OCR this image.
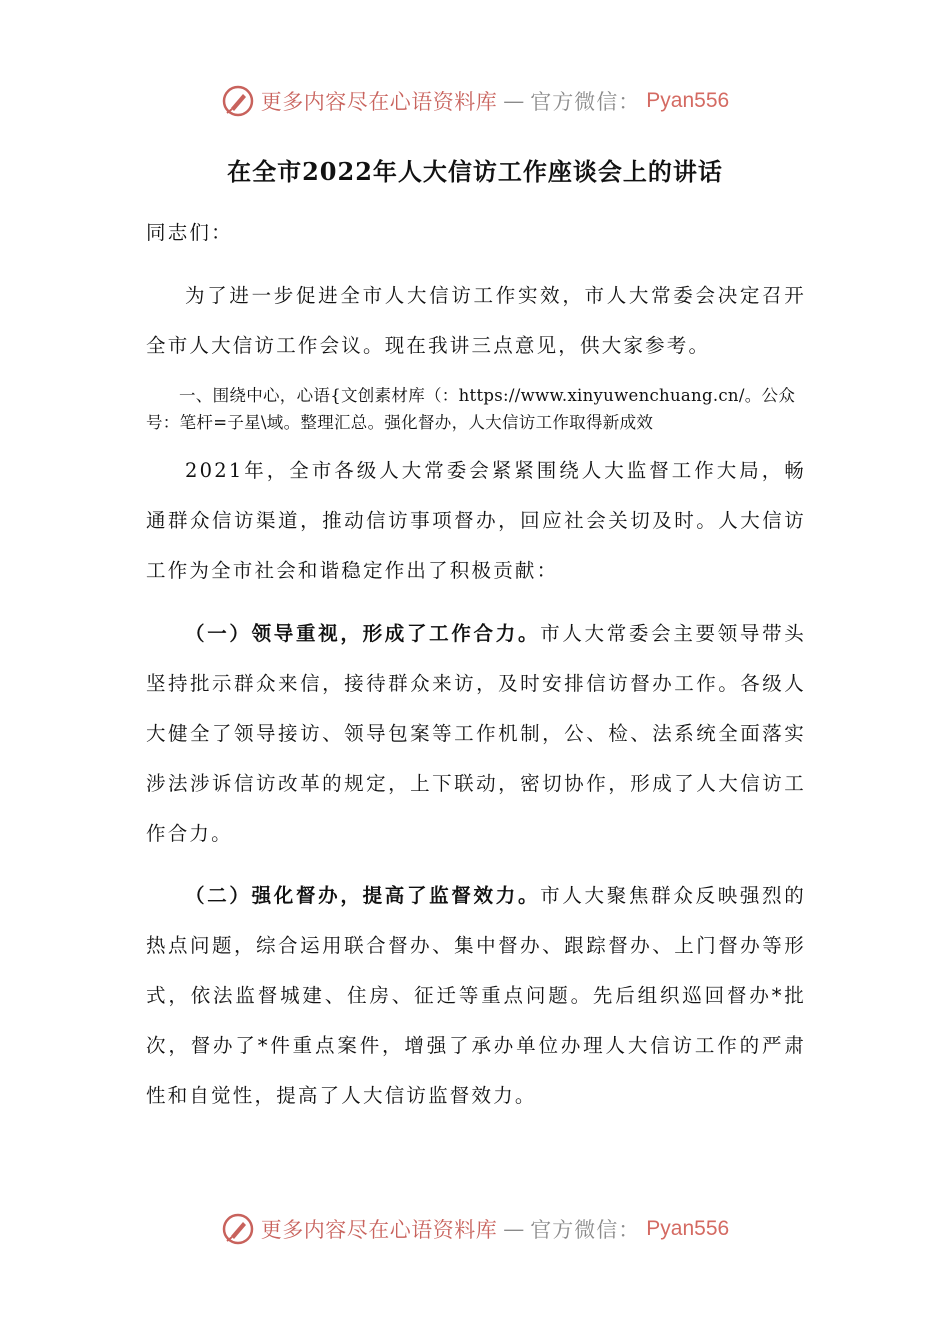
更多内容尽在心语资料库 — 官方微信： Pyan556
在全市2022年人大信访工作座谈会上的讲话
同志们：
为了进一步促进全市人大信访工作实效，市人大常委会决定召开全市人大信访工作会议。现在我讲三点意见，供大家参考。
一、围绕中心，心语{文创素材库（：https://www.xinyuwenchuang.cn/。公众号：笔杆=子星\域。整理汇总。强化督办，人大信访工作取得新成效
2021年，全市各级人大常委会紧紧围绕人大监督工作大局，畅通群众信访渠道，推动信访事项督办，回应社会关切及时。人大信访工作为全市社会和谐稳定作出了积极贡献：
（一）领导重视，形成了工作合力。市人大常委会主要领导带头坚持批示群众来信，接待群众来访，及时安排信访督办工作。各级人大健全了领导接访、领导包案等工作机制，公、检、法系统全面落实涉法涉诉信访改革的规定，上下联动，密切协作，形成了人大信访工作合力。
（二）强化督办，提高了监督效力。市人大聚焦群众反映强烈的热点问题，综合运用联合督办、集中督办、跟踪督办、上门督办等形式，依法监督城建、住房、征迁等重点问题。先后组织巡回督办*批次，督办了*件重点案件，增强了承办单位办理人大信访工作的严肃性和自觉性，提高了人大信访监督效力。
更多内容尽在心语资料库 — 官方微信： Pyan556
